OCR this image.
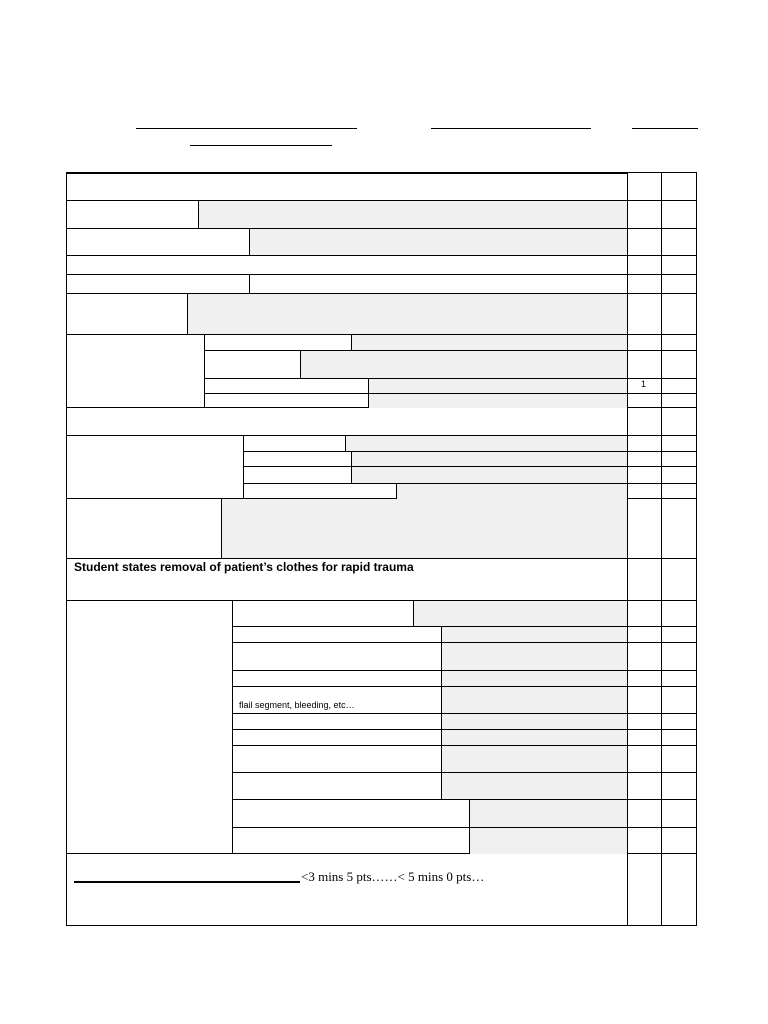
Student states removal of patient’s clothes for rapid trauma
flail segment, bleeding, etc…
<3 mins 5 pts……< 5 mins 0 pts…
1
